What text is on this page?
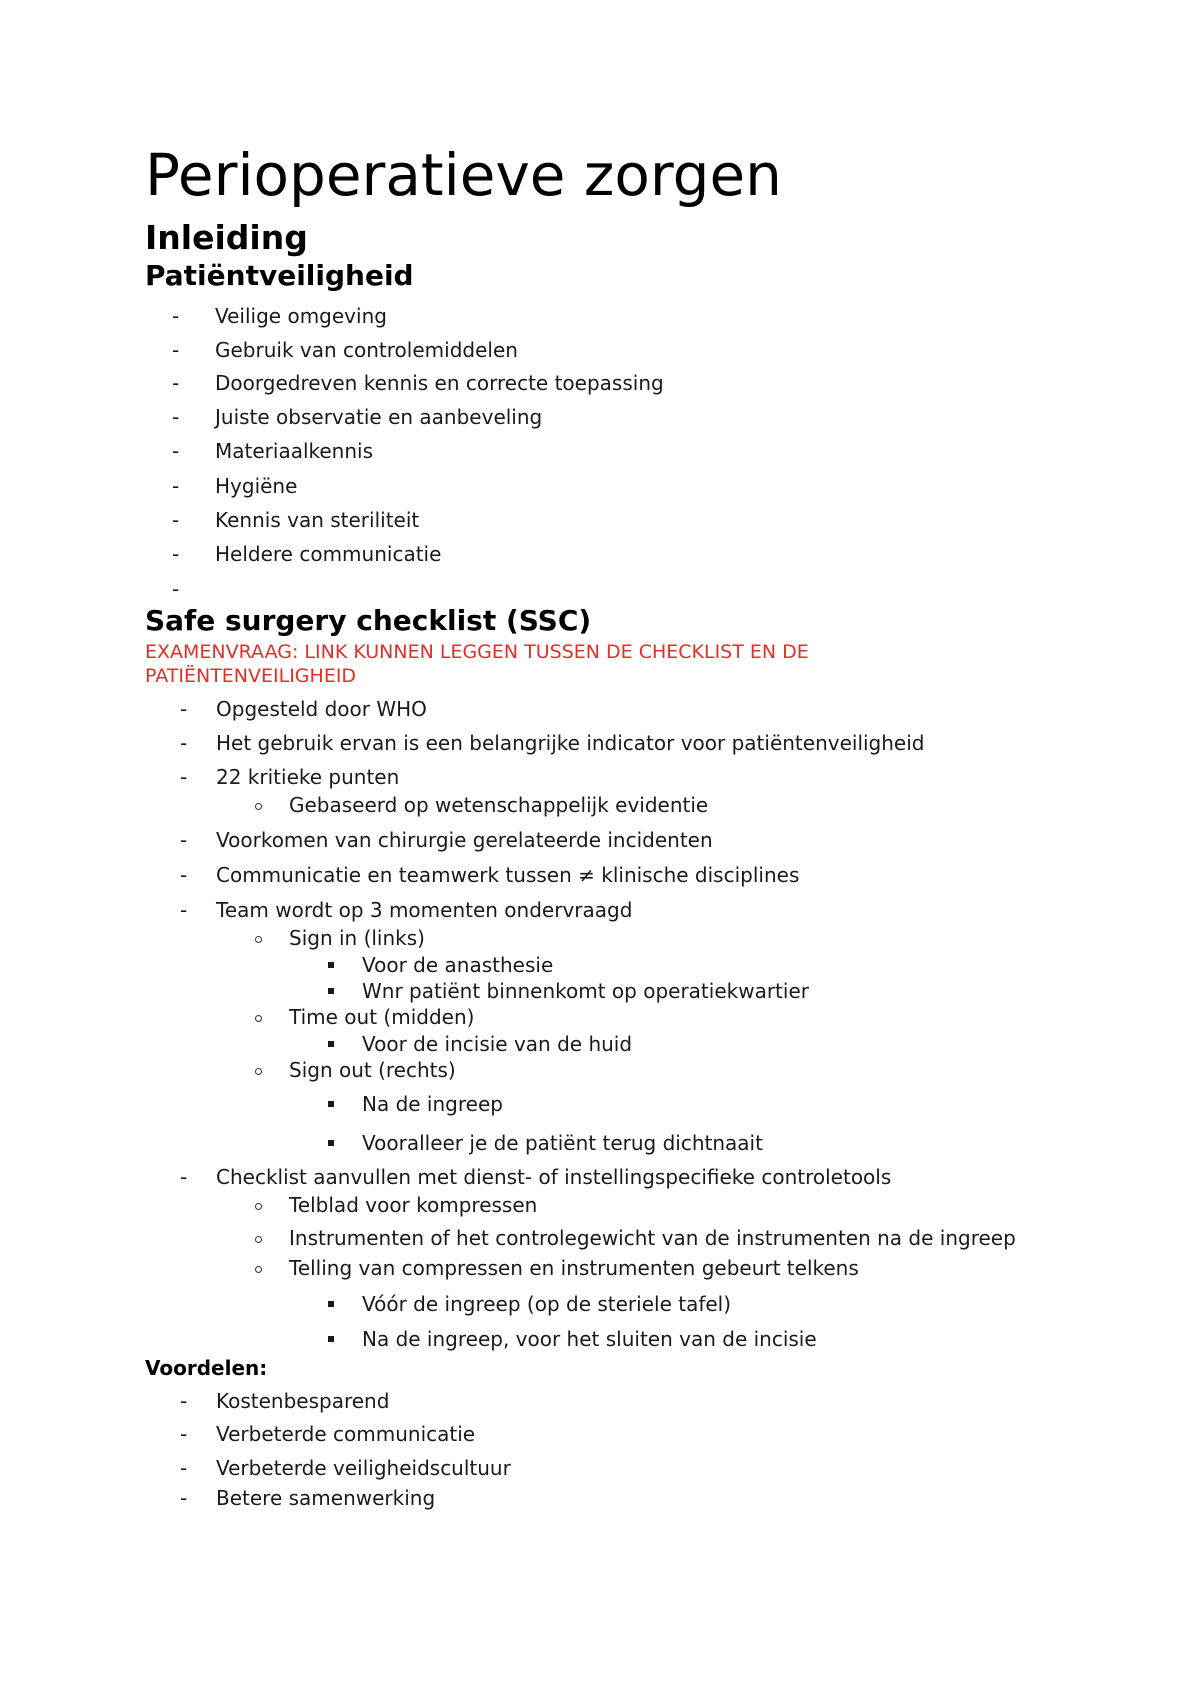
Perioperatieve zorgen
Inleiding
Patiëntveiligheid
- Veilige omgeving
- Gebruik van controlemiddelen
- Doorgedreven kennis en correcte toepassing
- Juiste observatie en aanbeveling
- Materiaalkennis
- Hygiëne
- Kennis van steriliteit
- Heldere communicatie
-
Safe surgery checklist (SSC)

EXAMENVRAAG: LINK KUNNEN LEGGEN TUSSEN DE CHECKLIST EN DE PATIËNTENVEILIGHEID

- Opgesteld door WHO
- Het gebruik ervan is een belangrijke indicator voor patiëntenveiligheid
- 22 kritieke punten
Gebaseerd op wetenschappelijk evidentie
- Voorkomen van chirurgie gerelateerde incidenten
- Communicatie en teamwerk tussen ≠ klinische disciplines
- Team wordt op 3 momenten ondervraagd
Sign in (links)
Voor de anasthesie
Wnr patiënt binnenkomt op operatiekwartier
Time out (midden)
Voor de incisie van de huid
Sign out (rechts)
Na de ingreep
Vooralleer je de patiënt terug dichtnaait
- Checklist aanvullen met dienst- of instellingspecifieke controletools
Telblad voor kompressen
Instrumenten of het controlegewicht van de instrumenten na de ingreep
Telling van compressen en instrumenten gebeurt telkens
Vóór de ingreep (op de steriele tafel)
Na de ingreep, voor het sluiten van de incisie

Voordelen:

- Kostenbesparend
- Verbeterde communicatie
- Verbeterde veiligheidscultuur
- Betere samenwerking
